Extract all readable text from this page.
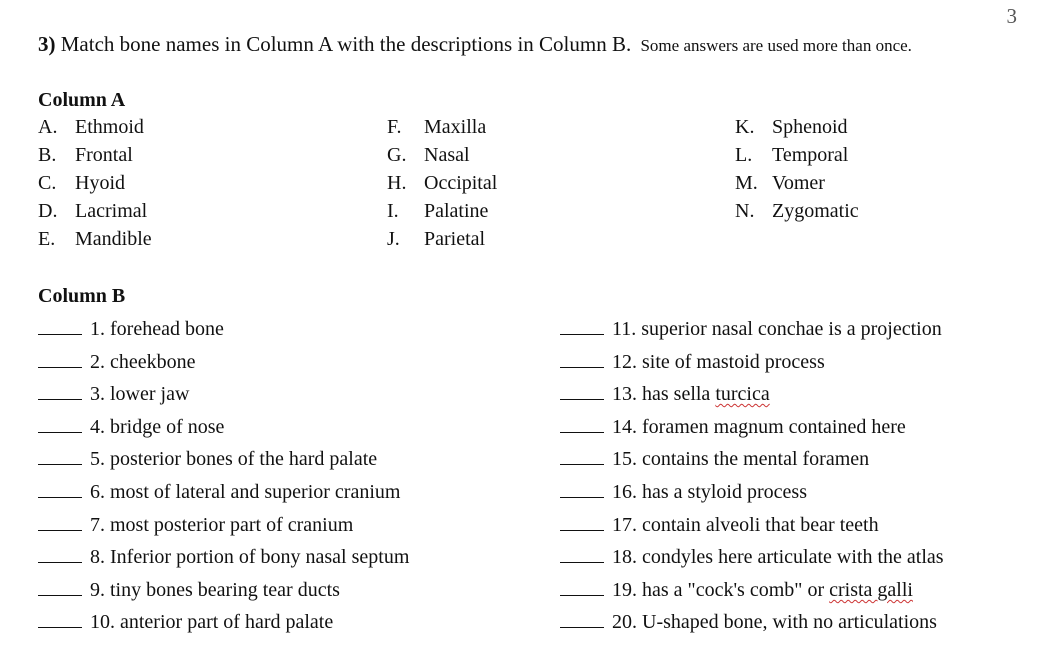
3
3) Match bone names in Column A with the descriptions in Column B. Some answers are used more than once.
Column A
A. Ethmoid
B. Frontal
C. Hyoid
D. Lacrimal
E. Mandible
F. Maxilla
G. Nasal
H. Occipital
I. Palatine
J. Parietal
K. Sphenoid
L. Temporal
M. Vomer
N. Zygomatic
Column B
1. forehead bone
2. cheekbone
3. lower jaw
4. bridge of nose
5. posterior bones of the hard palate
6. most of lateral and superior cranium
7. most posterior part of cranium
8. Inferior portion of bony nasal septum
9. tiny bones bearing tear ducts
10. anterior part of hard palate
11. superior nasal conchae is a projection
12. site of mastoid process
13. has sella turcica
14. foramen magnum contained here
15. contains the mental foramen
16. has a styloid process
17. contain alveoli that bear teeth
18. condyles here articulate with the atlas
19. has a "cock's comb" or crista galli
20. U-shaped bone, with no articulations
